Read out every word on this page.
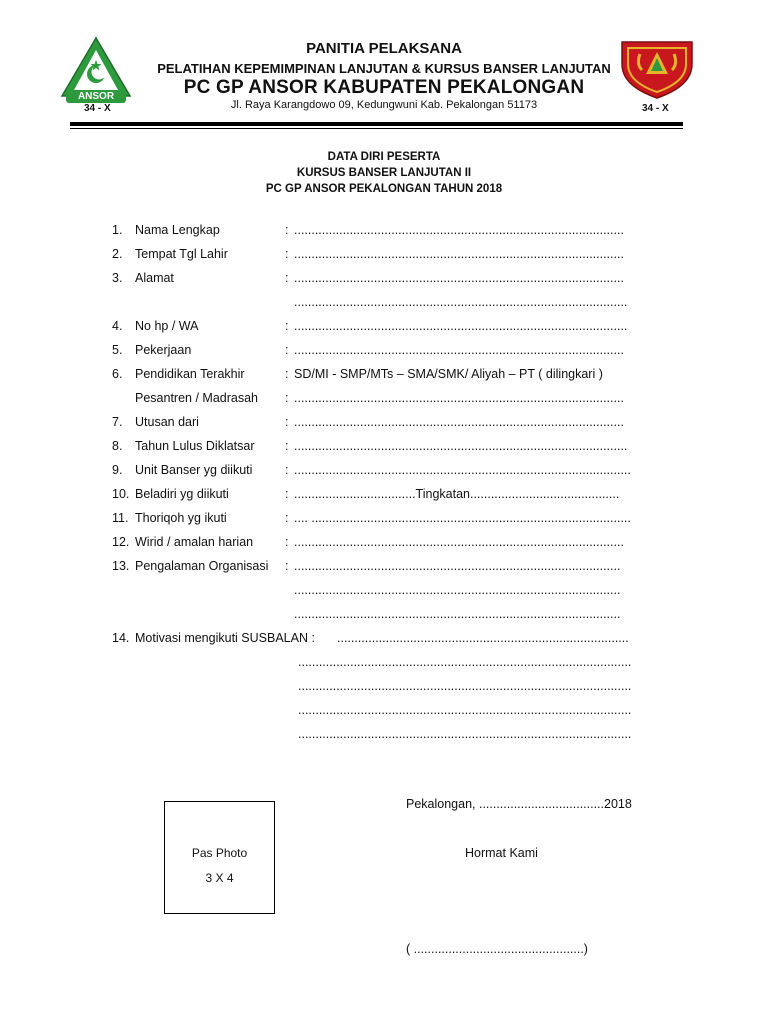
ANSOR
34 - X	34 - X
PANITIA PELAKSANA
PELATIHAN KEPEMIMPINAN LANJUTAN & KURSUS BANSER LANJUTAN
PC GP ANSOR KABUPATEN PEKALONGAN
Jl. Raya Karangdowo 09, Kedungwuni Kab. Pekalongan 51173
DATA DIRI PESERTA
KURSUS BANSER LANJUTAN II
PC GP ANSOR PEKALONGAN TAHUN 2018
1. Nama Lengkap	: ...............................................................................................
2. Tempat Tgl Lahir	: ...............................................................................................
3. Alamat	: ...............................................................................................
................................................................................................
4. No hp / WA	: ................................................................................................
5. Pekerjaan	: ...............................................................................................
6. Pendidikan Terakhir	: SD/MI - SMP/MTs – SMA/SMK/ Aliyah – PT ( dilingkari )
Pesantren / Madrasah : ...............................................................................................
7. Utusan dari	: ...............................................................................................
8. Tahun Lulus Diklatsar : ................................................................................................
9. Unit Banser yg diikuti	: .................................................................................................
10. Beladiri yg diikuti	: ...................................Tingkatan...........................................
11. Thoriqoh yg ikuti	: .... ............................................................................................
12. Wirid / amalan harian	: ...............................................................................................
13. Pengalaman Organisasi : ..............................................................................................
..............................................................................................
..............................................................................................
14. Motivasi mengikuti SUSBALAN : ....................................................................................
................................................................................................
................................................................................................
................................................................................................
................................................................................................
Pas Photo
3 X 4
Pekalongan, ....................................2018
Hormat Kami
( .................................................)
